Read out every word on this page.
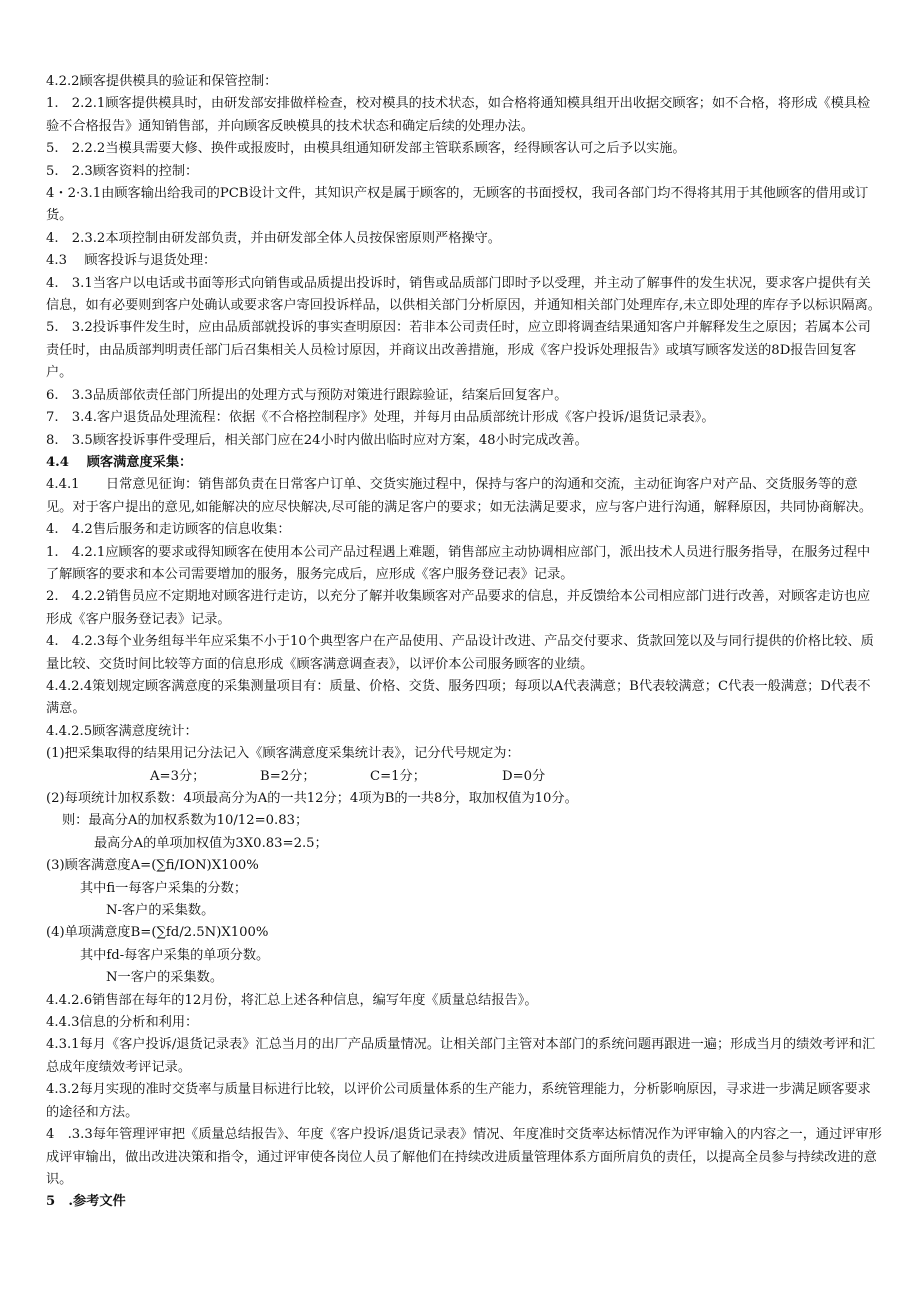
4.2.2顾客提供模具的验证和保管控制：

1.　2.2.1顾客提供模具时，由研发部安排做样检查，校对模具的技术状态，如合格将通知模具组开出收据交顾客；如不合格，将形成《模具检验不合格报告》通知销售部，并向顾客反映模具的技术状态和确定后续的处理办法。

5.　2.2.2当模具需要大修、换件或报废时，由模具组通知研发部主管联系顾客，经得顾客认可之后予以实施。

5.　2.3顾客资料的控制：

4・2·3.1由顾客输出给我司的PCB设计文件，其知识产权是属于顾客的，无顾客的书面授权，我司各部门均不得将其用于其他顾客的借用或订货。

4.　2.3.2本项控制由研发部负责，并由研发部全体人员按保密原则严格操守。

4.3　 顾客投诉与退货处理：

4.　3.1当客户以电话或书面等形式向销售或品质提出投诉时，销售或品质部门即时予以受理，并主动了解事件的发生状况，要求客户提供有关信息，如有必要则到客户处确认或要求客户寄回投诉样品，以供相关部门分析原因，并通知相关部门处理库存,未立即处理的库存予以标识隔离。

5.　3.2投诉事件发生时，应由品质部就投诉的事实查明原因：若非本公司责任时，应立即将调查结果通知客户并解释发生之原因；若属本公司责任时，由品质部判明责任部门后召集相关人员检讨原因，并商议出改善措施，形成《客户投诉处理报告》或填写顾客发送的8D报告回复客户。

6.　3.3品质部依责任部门所提出的处理方式与预防对策进行跟踪验证，结案后回复客户。

7.　3.4.客户退货品处理流程：依据《不合格控制程序》处理，并每月由品质部统计形成《客户投诉/退货记录表》。

8.　3.5顾客投诉事件受理后，相关部门应在24小时内做出临时应对方案，48小时完成改善。

4.4　 顾客满意度采集：

4.4.1　　日常意见征询：销售部负责在日常客户订单、交货实施过程中，保持与客户的沟通和交流，主动征询客户对产品、交货服务等的意见。对于客户提出的意见,如能解决的应尽快解决,尽可能的满足客户的要求；如无法满足要求，应与客户进行沟通，解释原因，共同协商解决。

4.　4.2售后服务和走访顾客的信息收集：

1.　4.2.1应顾客的要求或得知顾客在使用本公司产品过程遇上难题，销售部应主动协调相应部门，派出技术人员进行服务指导，在服务过程中了解顾客的要求和本公司需要增加的服务，服务完成后，应形成《客户服务登记表》记录。

2.　4.2.2销售员应不定期地对顾客进行走访，以充分了解并收集顾客对产品要求的信息，并反馈给本公司相应部门进行改善，对顾客走访也应形成《客户服务登记表》记录。

4.　4.2.3每个业务组每半年应采集不小于10个典型客户在产品使用、产品设计改进、产品交付要求、货款回笼以及与同行提供的价格比较、质量比较、交货时间比较等方面的信息形成《顾客满意调查表》，以评价本公司服务顾客的业绩。

4.4.2.4策划规定顾客满意度的采集测量项目有：质量、价格、交货、服务四项；每项以A代表满意；B代表较满意；C代表一般满意；D代表不满意。

4.4.2.5顾客满意度统计：

(1)把采集取得的结果用记分法记入《顾客满意度采集统计表》，记分代号规定为：

A=3分；	B=2分；	C=1分；	D=0分

(2)每项统计加权系数：4项最高分为A的一共12分；4项为B的一共8分，取加权值为10分。

则：最高分A的加权系数为10/12=0.83；

最高分A的单项加权值为3X0.83=2.5；

(3)顾客满意度A=(∑fi/ION)X100%

其中fi一每客户采集的分数；

N-客户的采集数。

(4)单项满意度B=(∑fd/2.5N)X100%

其中fd-每客户采集的单项分数。

N一客户的采集数。

4.4.2.6销售部在每年的12月份，将汇总上述各种信息，编写年度《质量总结报告》。

4.4.3信息的分析和利用：

4.3.1每月《客户投诉/退货记录表》汇总当月的出厂产品质量情况。让相关部门主管对本部门的系统问题再跟进一遍；形成当月的绩效考评和汇总成年度绩效考评记录。

4.3.2每月实现的准时交货率与质量目标进行比较，以评价公司质量体系的生产能力，系统管理能力，分析影响原因，寻求进一步满足顾客要求的途径和方法。

4　.3.3每年管理评审把《质量总结报告》、年度《客户投诉/退货记录表》情况、年度准时交货率达标情况作为评审输入的内容之一，通过评审形成评审输出，做出改进决策和指令，通过评审使各岗位人员了解他们在持续改进质量管理体系方面所肩负的责任，以提高全员参与持续改进的意识。

5　.参考文件
